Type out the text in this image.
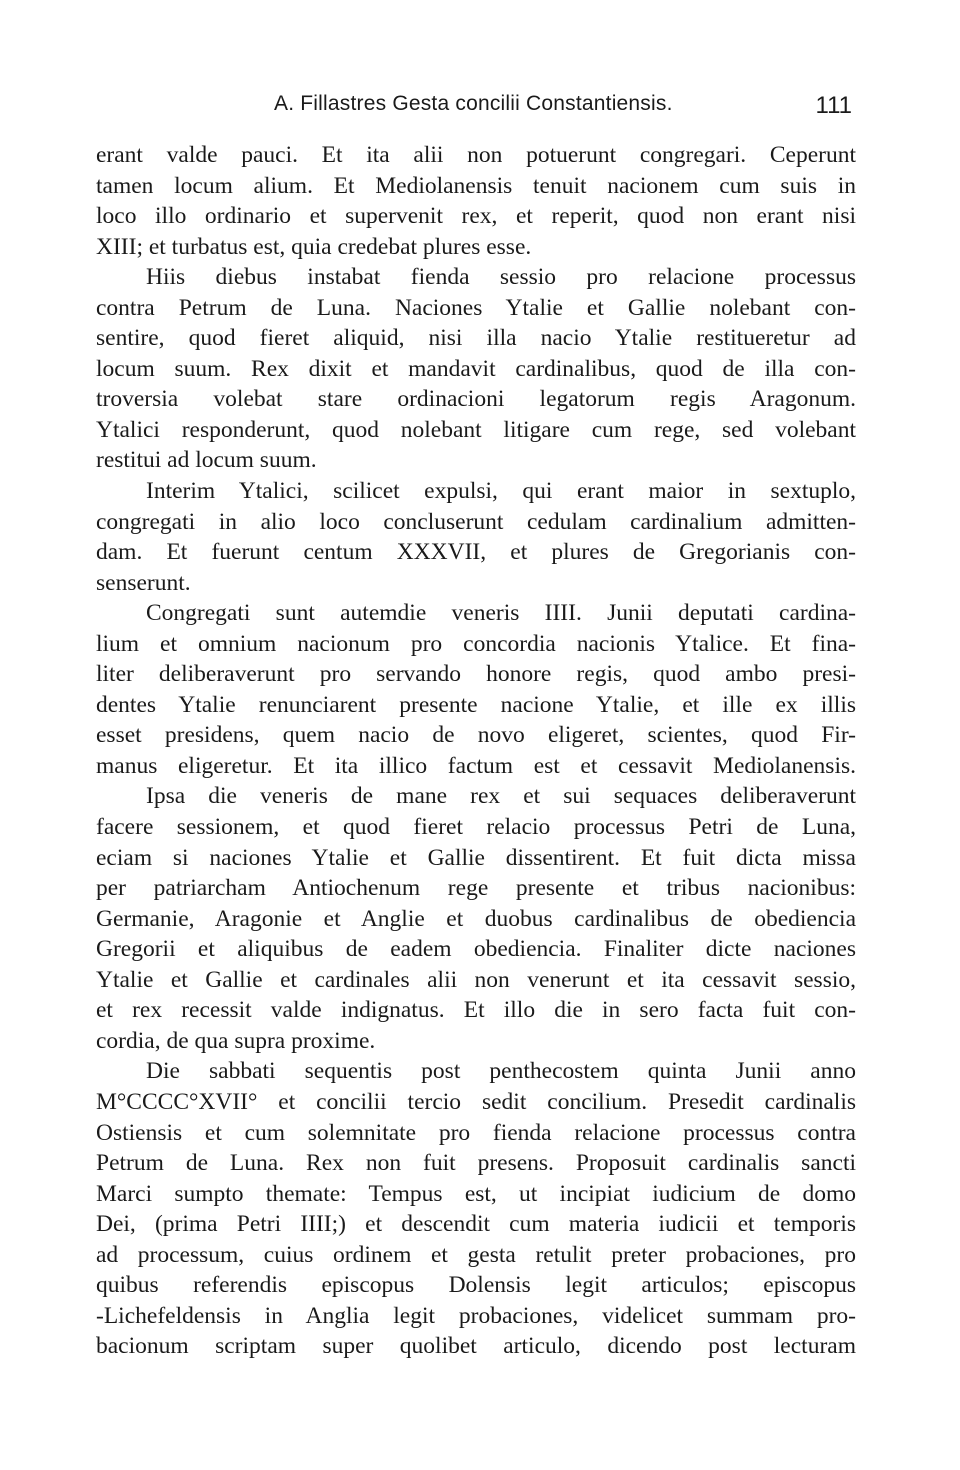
A. Fillastres Gesta concilii Constantiensis.	111
erant valde pauci. Et ita alii non potuerunt congregari. Ceperunt
tamen locum alium. Et Mediolanensis tenuit nacionem cum suis in
loco illo ordinario et supervenit rex, et reperit, quod non erant nisi
XIII; et turbatus est, quia credebat plures esse.
Hiis diebus instabat fienda sessio pro relacione processus
contra Petrum de Luna. Naciones Ytalie et Gallie nolebant con-
sentire, quod fieret aliquid, nisi illa nacio Ytalie restitueretur ad
locum suum. Rex dixit et mandavit cardinalibus, quod de illa con-
troversia volebat stare ordinacioni legatorum regis Aragonum.
Ytalici responderunt, quod nolebant litigare cum rege, sed volebant
restitui ad locum suum.
Interim Ytalici, scilicet expulsi, qui erant maior in sextuplo,
congregati in alio loco concluserunt cedulam cardinalium admitten-
dam. Et fuerunt centum XXXVII, et plures de Gregorianis con-
senserunt.
Congregati sunt autemdie veneris IIII. Junii deputati cardina-
lium et omnium nacionum pro concordia nacionis Ytalice. Et fina-
liter deliberaverunt pro servando honore regis, quod ambo presi-
dentes Ytalie renunciarent presente nacione Ytalie, et ille ex illis
esset presidens, quem nacio de novo eligeret, scientes, quod Fir-
manus eligeretur. Et ita illico factum est et cessavit Mediolanensis.
Ipsa die veneris de mane rex et sui sequaces deliberaverunt
facere sessionem, et quod fieret relacio processus Petri de Luna,
eciam si naciones Ytalie et Gallie dissentirent. Et fuit dicta missa
per patriarcham Antiochenum rege presente et tribus nacionibus:
Germanie, Aragonie et Anglie et duobus cardinalibus de obediencia
Gregorii et aliquibus de eadem obediencia. Finaliter dicte naciones
Ytalie et Gallie et cardinales alii non venerunt et ita cessavit sessio,
et rex recessit valde indignatus. Et illo die in sero facta fuit con-
cordia, de qua supra proxime.
Die sabbati sequentis post penthecostem quinta Junii anno
M°CCCC°XVII° et concilii tercio sedit concilium. Presedit cardinalis
Ostiensis et cum solemnitate pro fienda relacione processus contra
Petrum de Luna. Rex non fuit presens. Proposuit cardinalis sancti
Marci sumpto themate: Tempus est, ut incipiat iudicium de domo
Dei, (prima Petri IIII;) et descendit cum materia iudicii et temporis
ad processum, cuius ordinem et gesta retulit preter probaciones, pro
quibus referendis episcopus Dolensis legit articulos; episcopus
-Lichefeldensis in Anglia legit probaciones, videlicet summam pro-
bacionum scriptam super quolibet articulo, dicendo post lecturam
